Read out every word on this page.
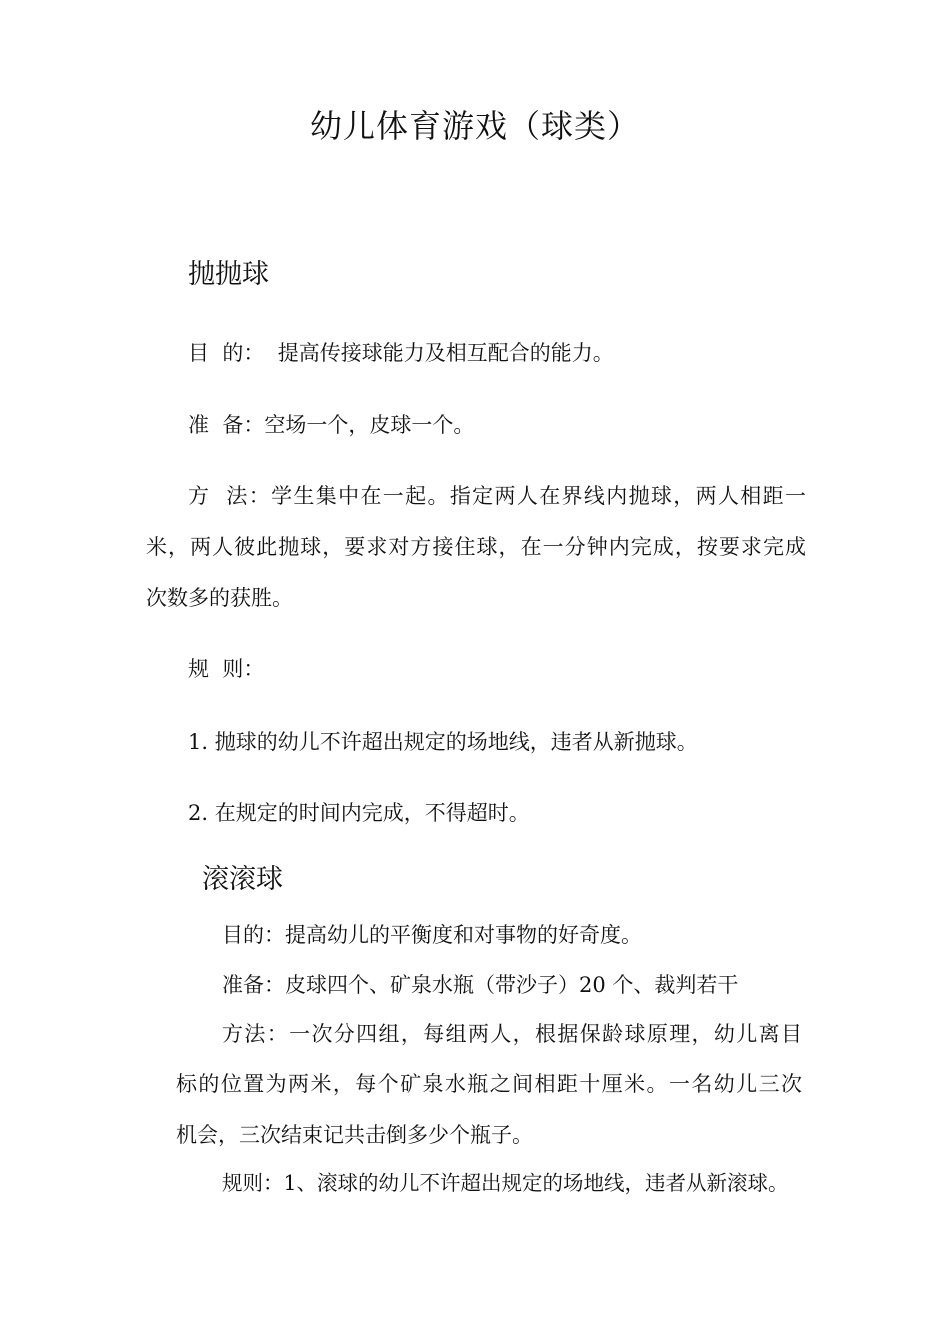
幼儿体育游戏（球类）
抛抛球
目  的：  提高传接球能力及相互配合的能力。
准  备：空场一个，皮球一个。
方  法：学生集中在一起。指定两人在界线内抛球，两人相距一
米，两人彼此抛球，要求对方接住球，在一分钟内完成，按要求完成
次数多的获胜。
规  则：
1. 抛球的幼儿不许超出规定的场地线，违者从新抛球。
2. 在规定的时间内完成，不得超时。
滚滚球
目的：提高幼儿的平衡度和对事物的好奇度。
准备：皮球四个、矿泉水瓶（带沙子）20 个、裁判若干
方法：一次分四组，每组两人，根据保龄球原理，幼儿离目
标的位置为两米，每个矿泉水瓶之间相距十厘米。一名幼儿三次
机会，三次结束记共击倒多少个瓶子。
规则：1、滚球的幼儿不许超出规定的场地线，违者从新滚球。
